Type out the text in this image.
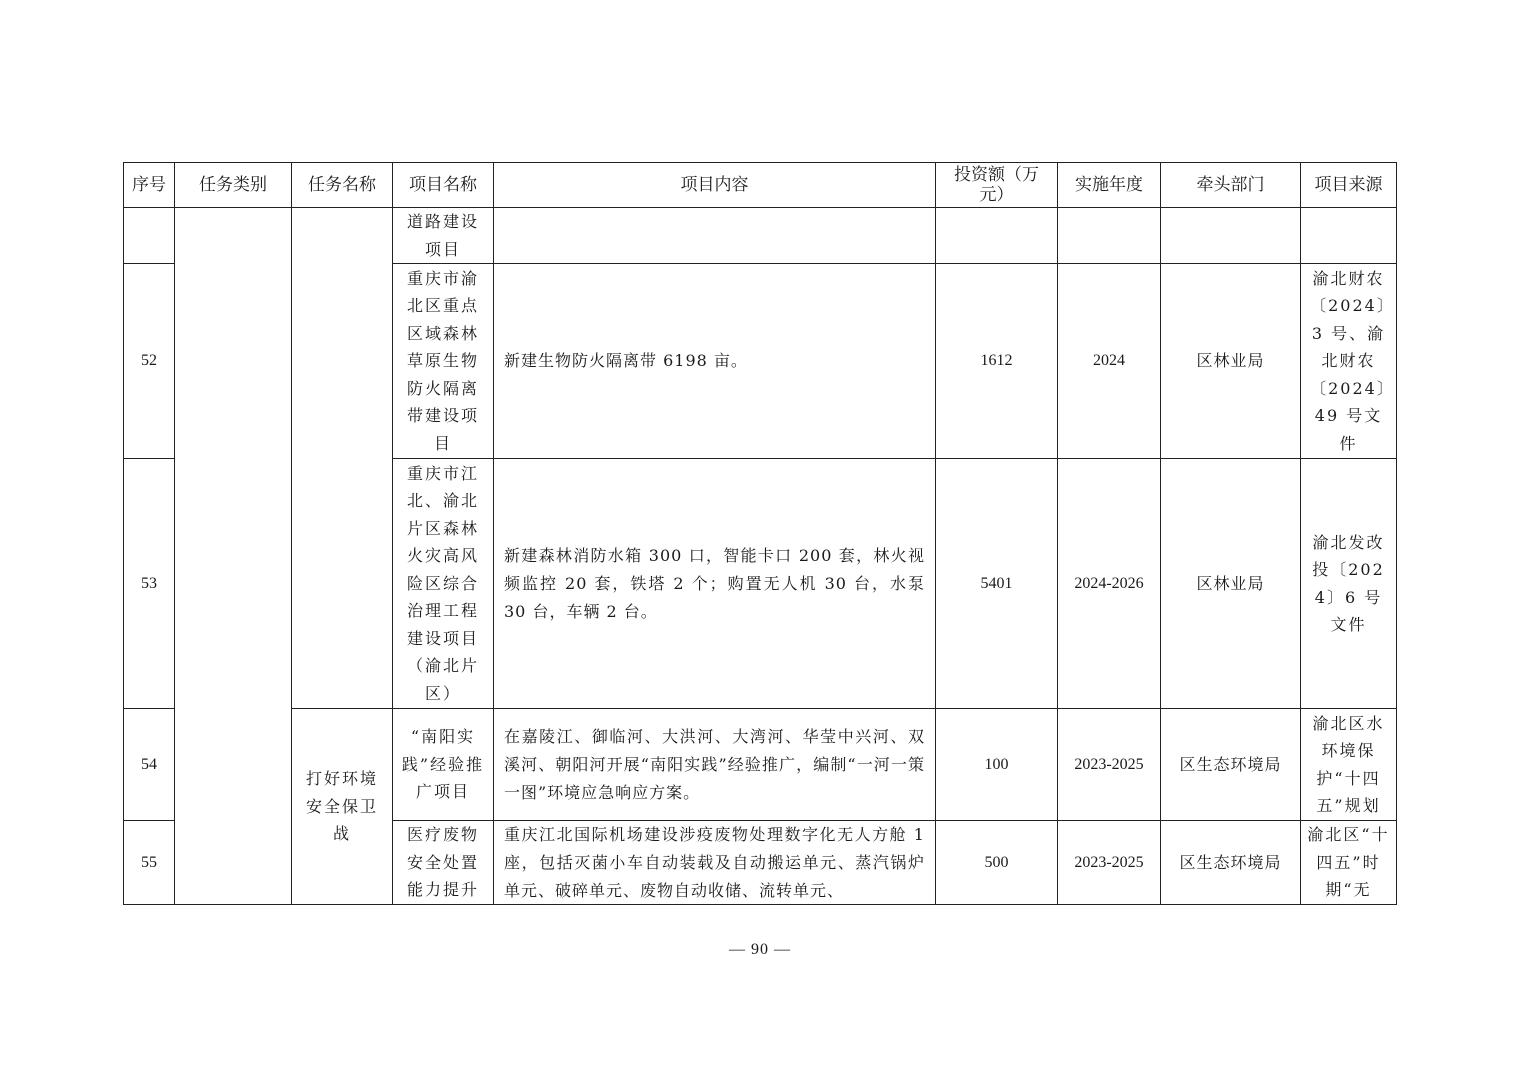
序号	任务类别	任务名称	项目名称	项目内容	投资额（万元）	实施年度	牵头部门	项目来源
			道路建设项目					
52			重庆市渝北区重点区域森林草原生物防火隔离带建设项目	新建生物防火隔离带 6198 亩。	1612	2024	区林业局	渝北财农〔2024〕3 号、渝北财农〔2024〕49 号文件
53			重庆市江北、渝北片区森林火灾高风险区综合治理工程建设项目（渝北片区）	新建森林消防水箱 300 口，智能卡口 200 套，林火视频监控 20 套，铁塔 2 个；购置无人机 30 台，水泵 30 台，车辆 2 台。	5401	2024-2026	区林业局	渝北发改投〔2024〕6 号文件
54		打好环境安全保卫战	“南阳实践”经验推广项目	在嘉陵江、御临河、大洪河、大湾河、华莹中兴河、双溪河、朝阳河开展“南阳实践”经验推广，编制“一河一策一图”环境应急响应方案。	100	2023-2025	区生态环境局	渝北区水环境保护“十四五”规划
55			医疗废物安全处置能力提升	重庆江北国际机场建设涉疫废物处理数字化无人方舱 1 座，包括灭菌小车自动装载及自动搬运单元、蒸汽锅炉单元、破碎单元、废物自动收储、流转单元、	500	2023-2025	区生态环境局	渝北区“十四五”时期“无
— 90 —
